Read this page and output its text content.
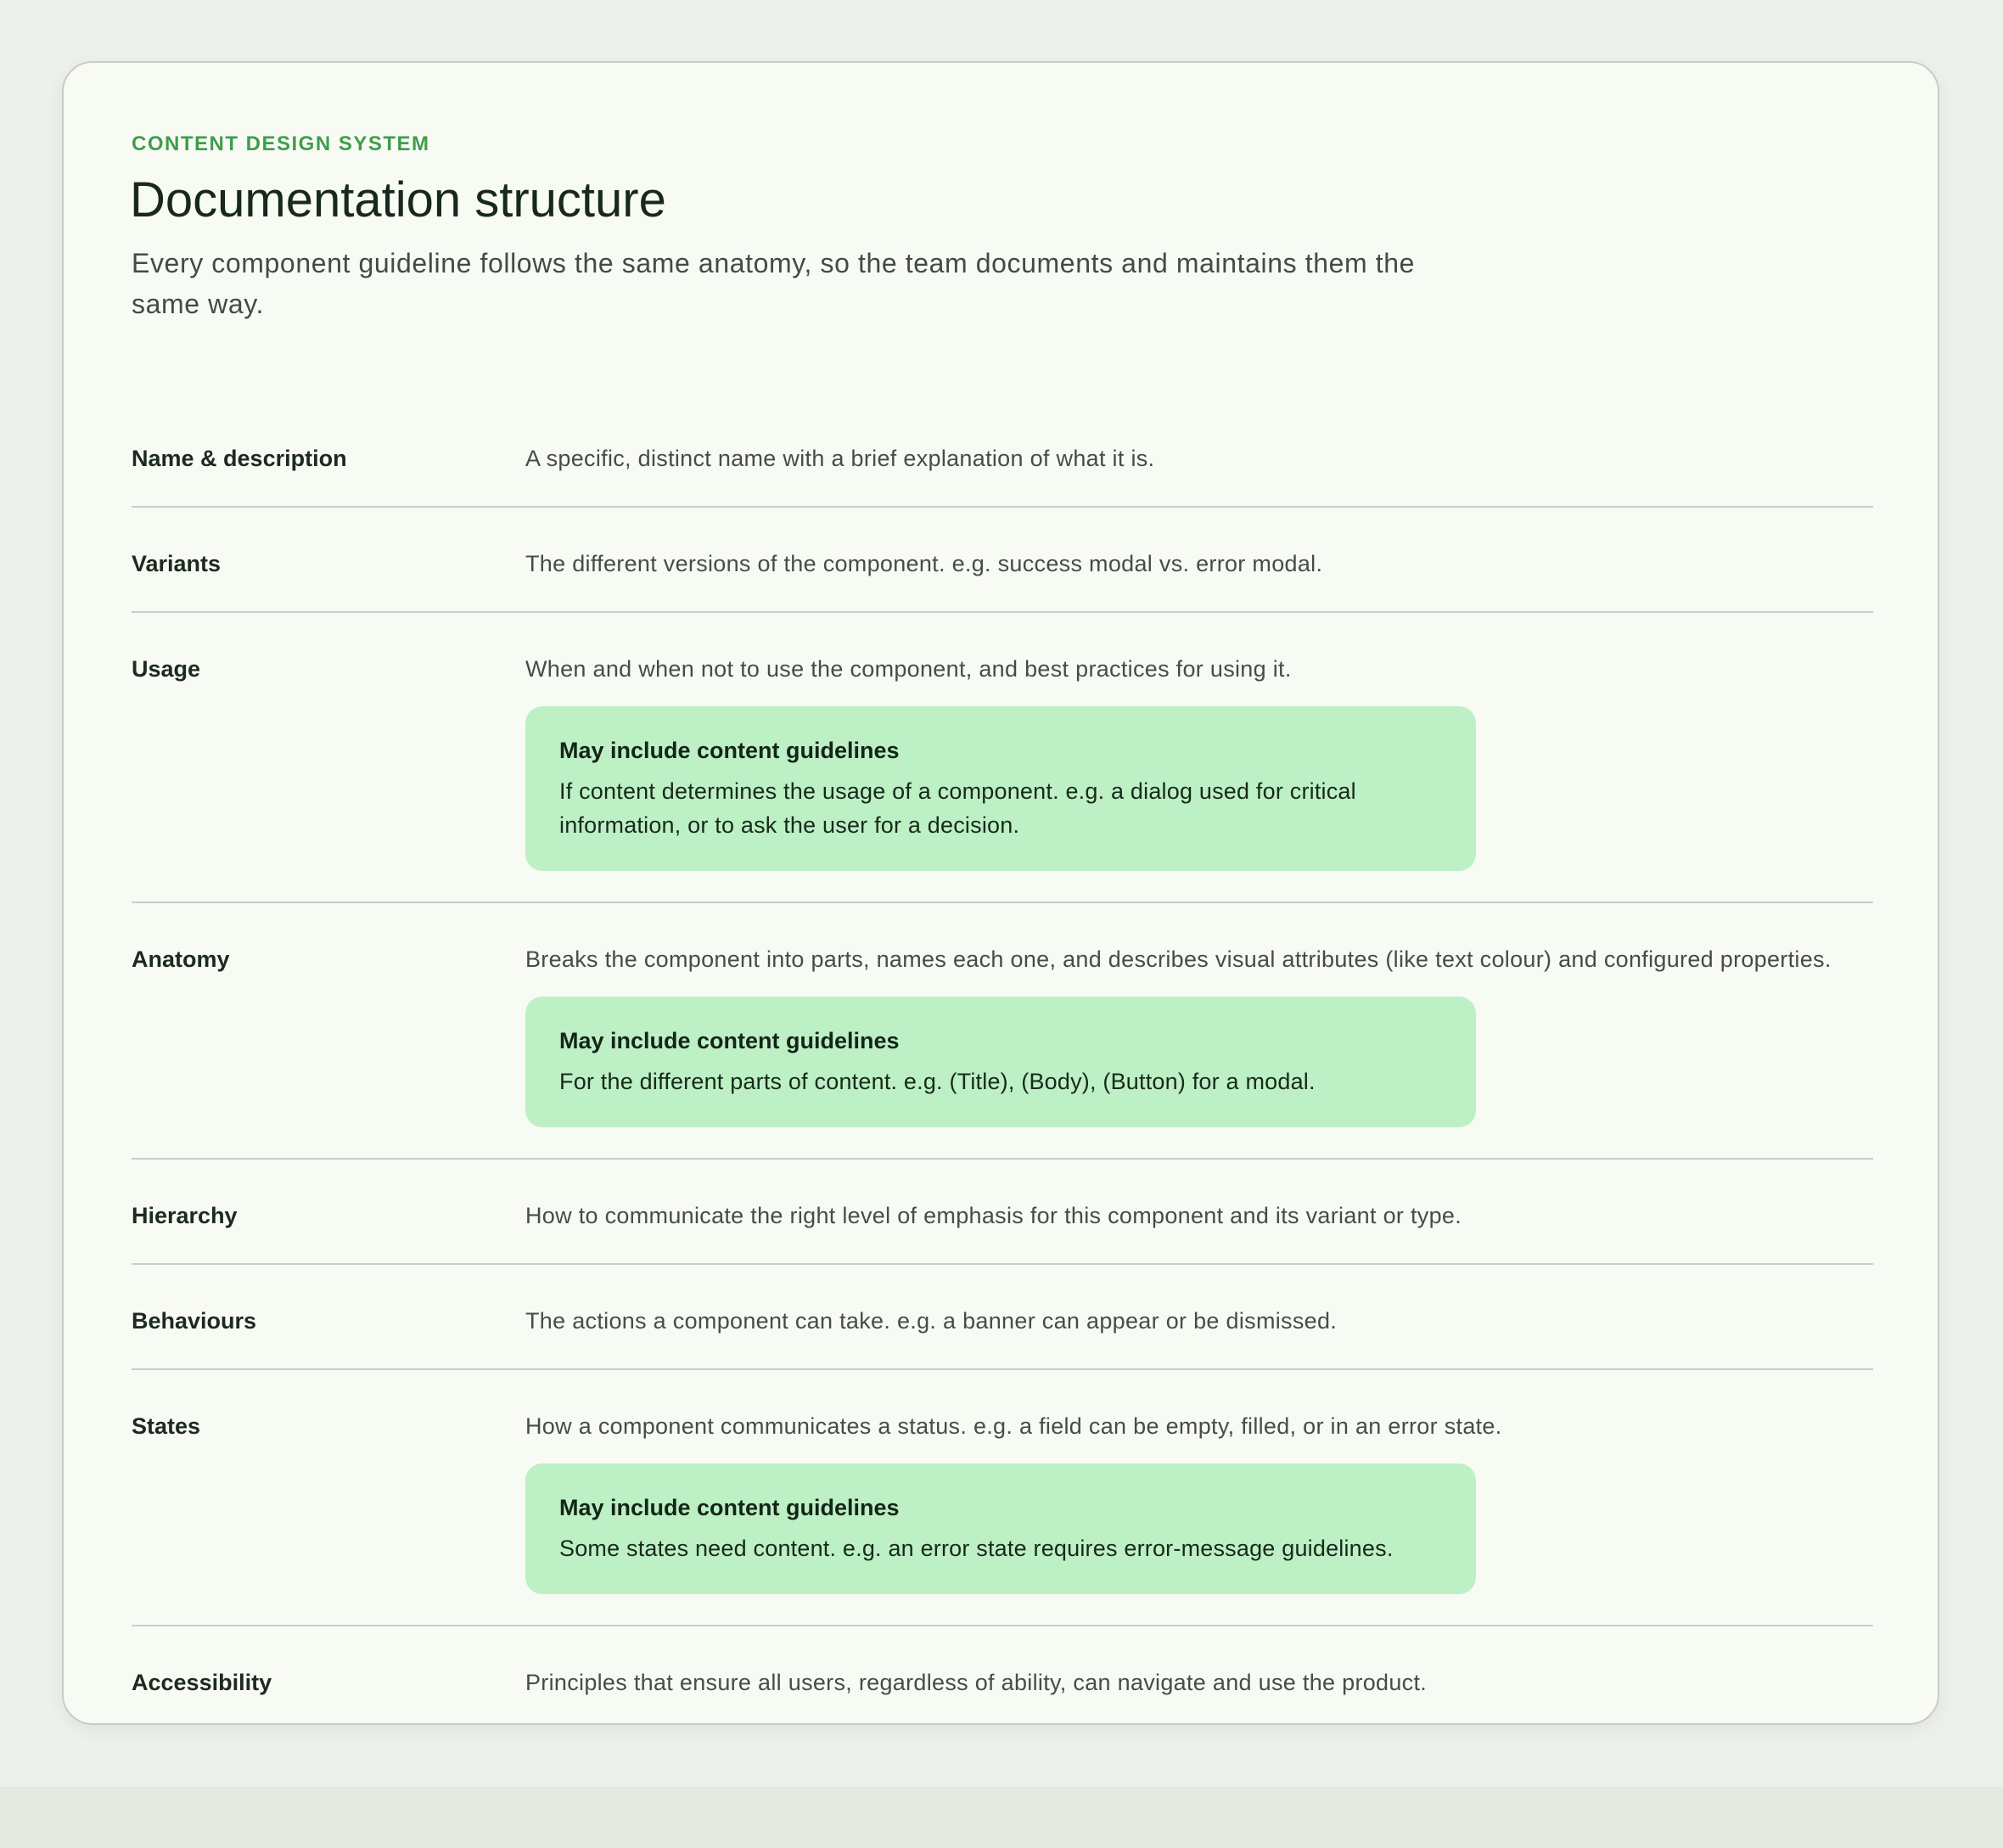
CONTENT DESIGN SYSTEM
Documentation structure

Every component guideline follows the same anatomy, so the team documents and maintains them the same way.

Name & description	A specific, distinct name with a brief explanation of what it is.
Variants	The different versions of the component. e.g. success modal vs. error modal.
Usage	When and when not to use the component, and best practices for using it.
May include content guidelines
If content determines the usage of a component. e.g. a dialog used for critical information, or to ask the user for a decision.
Anatomy	Breaks the component into parts, names each one, and describes visual attributes (like text colour) and configured properties.
May include content guidelines
For the different parts of content. e.g. (Title), (Body), (Button) for a modal.
Hierarchy	How to communicate the right level of emphasis for this component and its variant or type.
Behaviours	The actions a component can take. e.g. a banner can appear or be dismissed.
States	How a component communicates a status. e.g. a field can be empty, filled, or in an error state.
May include content guidelines
Some states need content. e.g. an error state requires error-message guidelines.
Accessibility	Principles that ensure all users, regardless of ability, can navigate and use the product.
